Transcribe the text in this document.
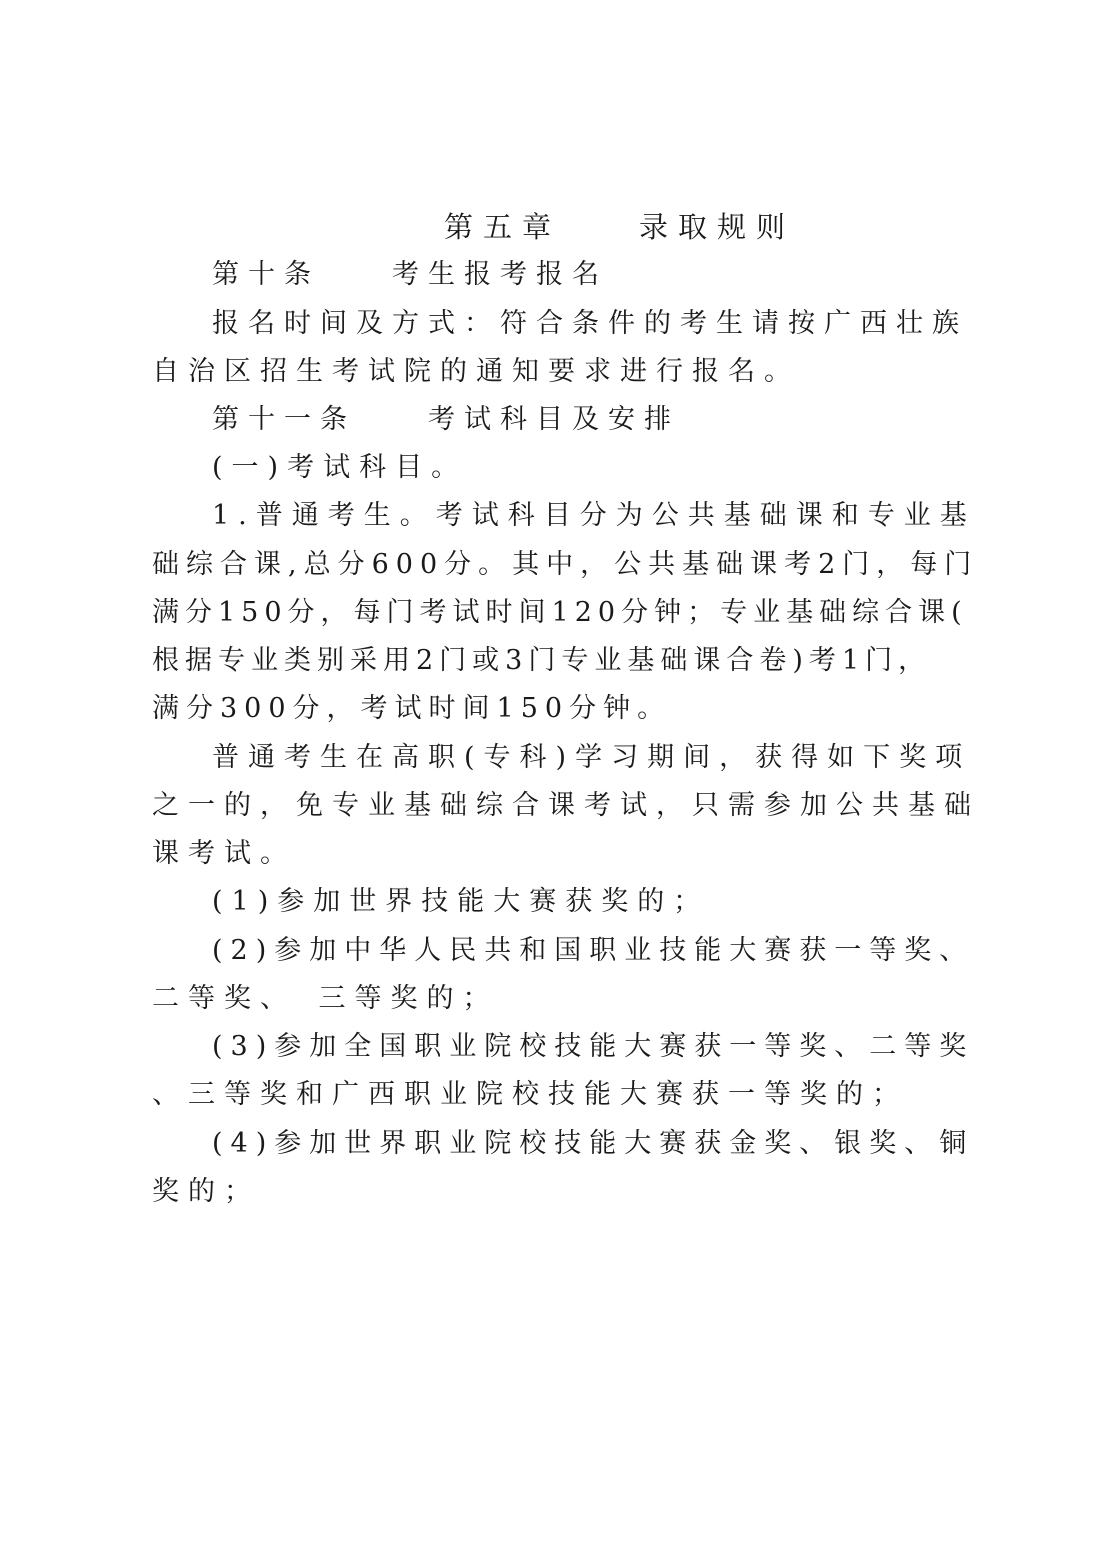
第五章　　录取规则
第十条　　考生报考报名
报名时间及方式：符合条件的考生请按广西壮族
自治区招生考试院的通知要求进行报名。
第十一条　　考试科目及安排
(一)考试科目。
1.普通考生。考试科目分为公共基础课和专业基
础综合课,总分600分。其中，公共基础课考2门，每门
满分150分，每门考试时间120分钟；专业基础综合课(
根据专业类别采用2门或3门专业基础课合卷)考1门，
满分300分，考试时间150分钟。
普通考生在高职(专科)学习期间，获得如下奖项
之一的，免专业基础综合课考试，只需参加公共基础
课考试。
(1)参加世界技能大赛获奖的；
(2)参加中华人民共和国职业技能大赛获一等奖、
二等奖、　三等奖的；
(3)参加全国职业院校技能大赛获一等奖、二等奖
、三等奖和广西职业院校技能大赛获一等奖的；
(4)参加世界职业院校技能大赛获金奖、银奖、铜
奖的；
